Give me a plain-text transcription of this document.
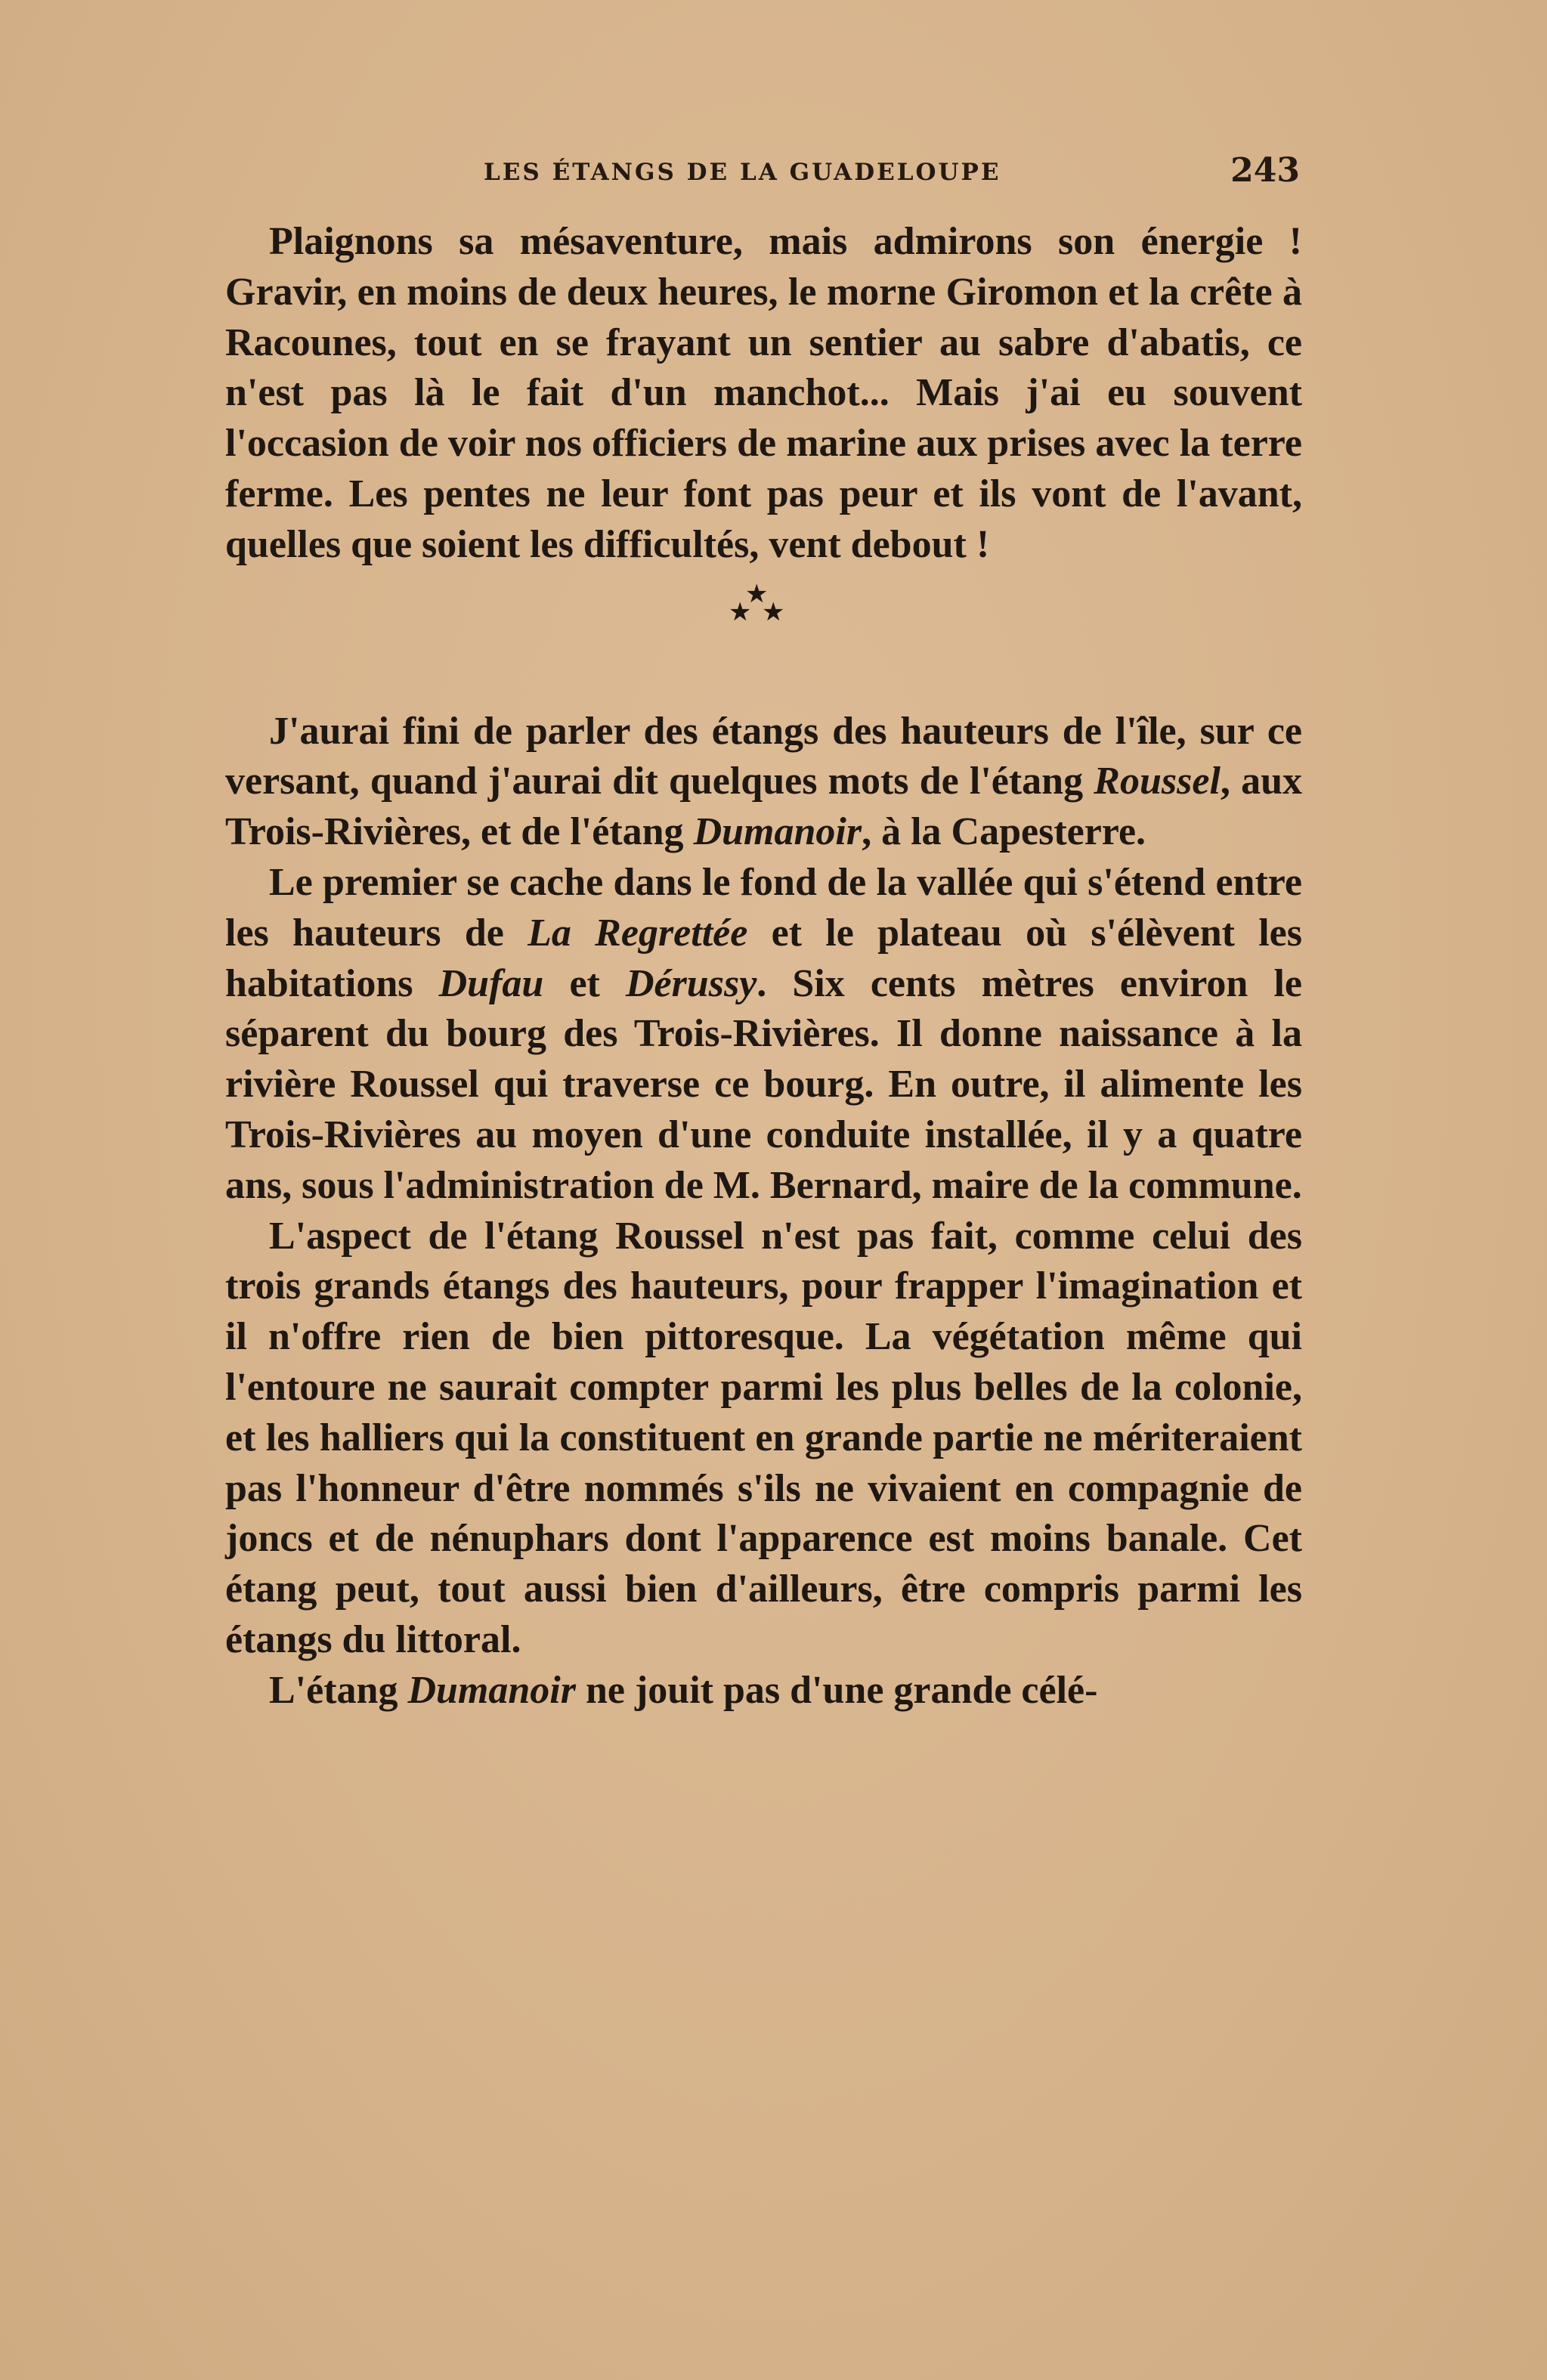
LES ÉTANGS DE LA GUADELOUPE	243

Plaignons sa mésaventure, mais admirons son énergie ! Gravir, en moins de deux heures, le morne Giromon et la crête à Racounes, tout en se frayant un sentier au sabre d'abatis, ce n'est pas là le fait d'un manchot... Mais j'ai eu souvent l'occasion de voir nos officiers de marine aux prises avec la terre ferme. Les pentes ne leur font pas peur et ils vont de l'avant, quelles que soient les difficultés, vent debout !

★
★ ★

J'aurai fini de parler des étangs des hauteurs de l'île, sur ce versant, quand j'aurai dit quelques mots de l'étang Roussel, aux Trois-Rivières, et de l'étang Dumanoir, à la Capesterre.

Le premier se cache dans le fond de la vallée qui s'étend entre les hauteurs de La Regrettée et le plateau où s'élèvent les habitations Dufau et Dérussy. Six cents mètres environ le séparent du bourg des Trois-Rivières. Il donne naissance à la rivière Roussel qui traverse ce bourg. En outre, il alimente les Trois-Rivières au moyen d'une conduite installée, il y a quatre ans, sous l'administration de M. Bernard, maire de la commune.

L'aspect de l'étang Roussel n'est pas fait, comme celui des trois grands étangs des hauteurs, pour frapper l'imagination et il n'offre rien de bien pittoresque. La végétation même qui l'entoure ne saurait compter parmi les plus belles de la colonie, et les halliers qui la constituent en grande partie ne mériteraient pas l'honneur d'être nommés s'ils ne vivaient en compagnie de joncs et de nénuphars dont l'apparence est moins banale. Cet étang peut, tout aussi bien d'ailleurs, être compris parmi les étangs du littoral.

L'étang Dumanoir ne jouit pas d'une grande célé-
